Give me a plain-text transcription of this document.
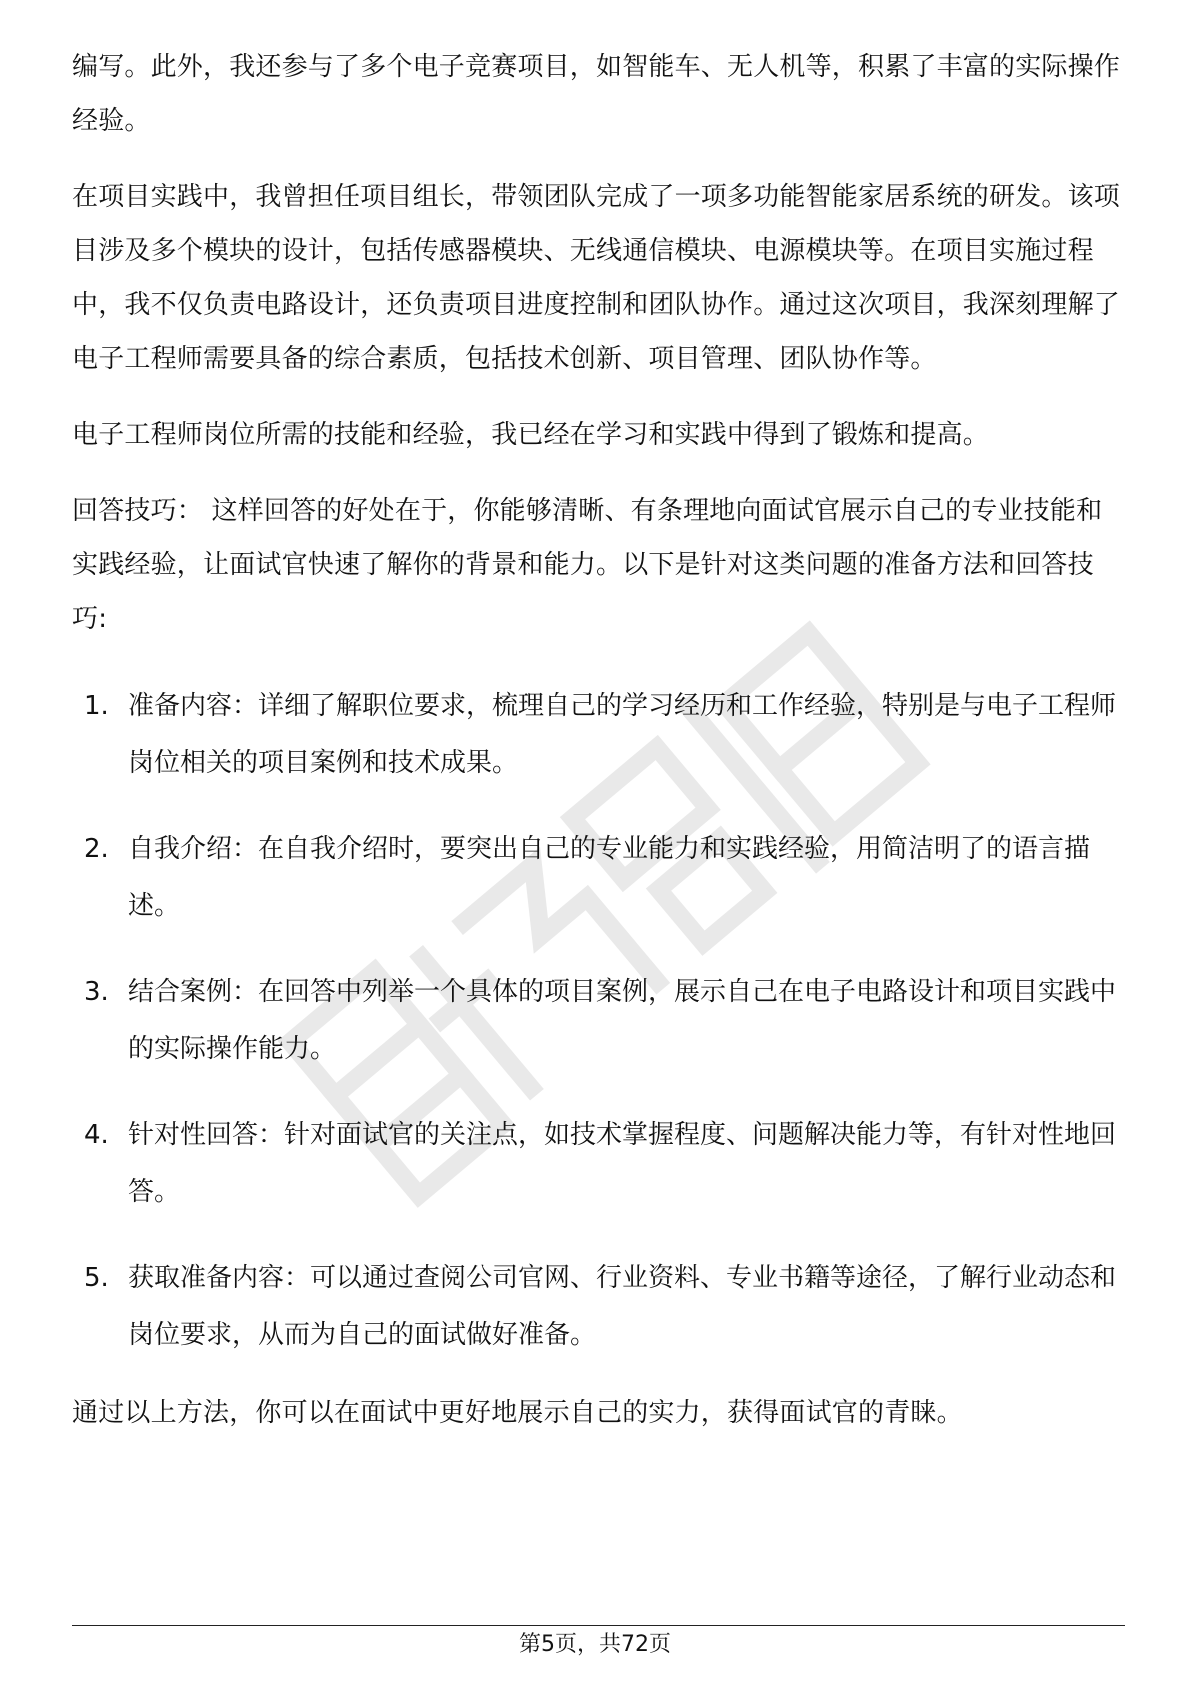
编写。此外，我还参与了多个电子竞赛项目，如智能车、无人机等，积累了丰富的实际操作经验。

在项目实践中，我曾担任项目组长，带领团队完成了一项多功能智能家居系统的研发。该项目涉及多个模块的设计，包括传感器模块、无线通信模块、电源模块等。在项目实施过程中，我不仅负责电路设计，还负责项目进度控制和团队协作。通过这次项目，我深刻理解了电子工程师需要具备的综合素质，包括技术创新、项目管理、团队协作等。

电子工程师岗位所需的技能和经验，我已经在学习和实践中得到了锻炼和提高。

回答技巧： 这样回答的好处在于，你能够清晰、有条理地向面试官展示自己的专业技能和实践经验，让面试官快速了解你的背景和能力。以下是针对这类问题的准备方法和回答技巧:

1. 准备内容：详细了解职位要求，梳理自己的学习经历和工作经验，特别是与电子工程师岗位相关的项目案例和技术成果。
2. 自我介绍：在自我介绍时，要突出自己的专业能力和实践经验，用简洁明了的语言描述。
3. 结合案例：在回答中列举一个具体的项目案例，展示自己在电子电路设计和项目实践中的实际操作能力。
4. 针对性回答：针对面试官的关注点，如技术掌握程度、问题解决能力等，有针对性地回答。
5. 获取准备内容：可以通过查阅公司官网、行业资料、专业书籍等途径，了解行业动态和岗位要求，从而为自己的面试做好准备。

通过以上方法，你可以在面试中更好地展示自己的实力，获得面试官的青睐。

第5页，共72页
